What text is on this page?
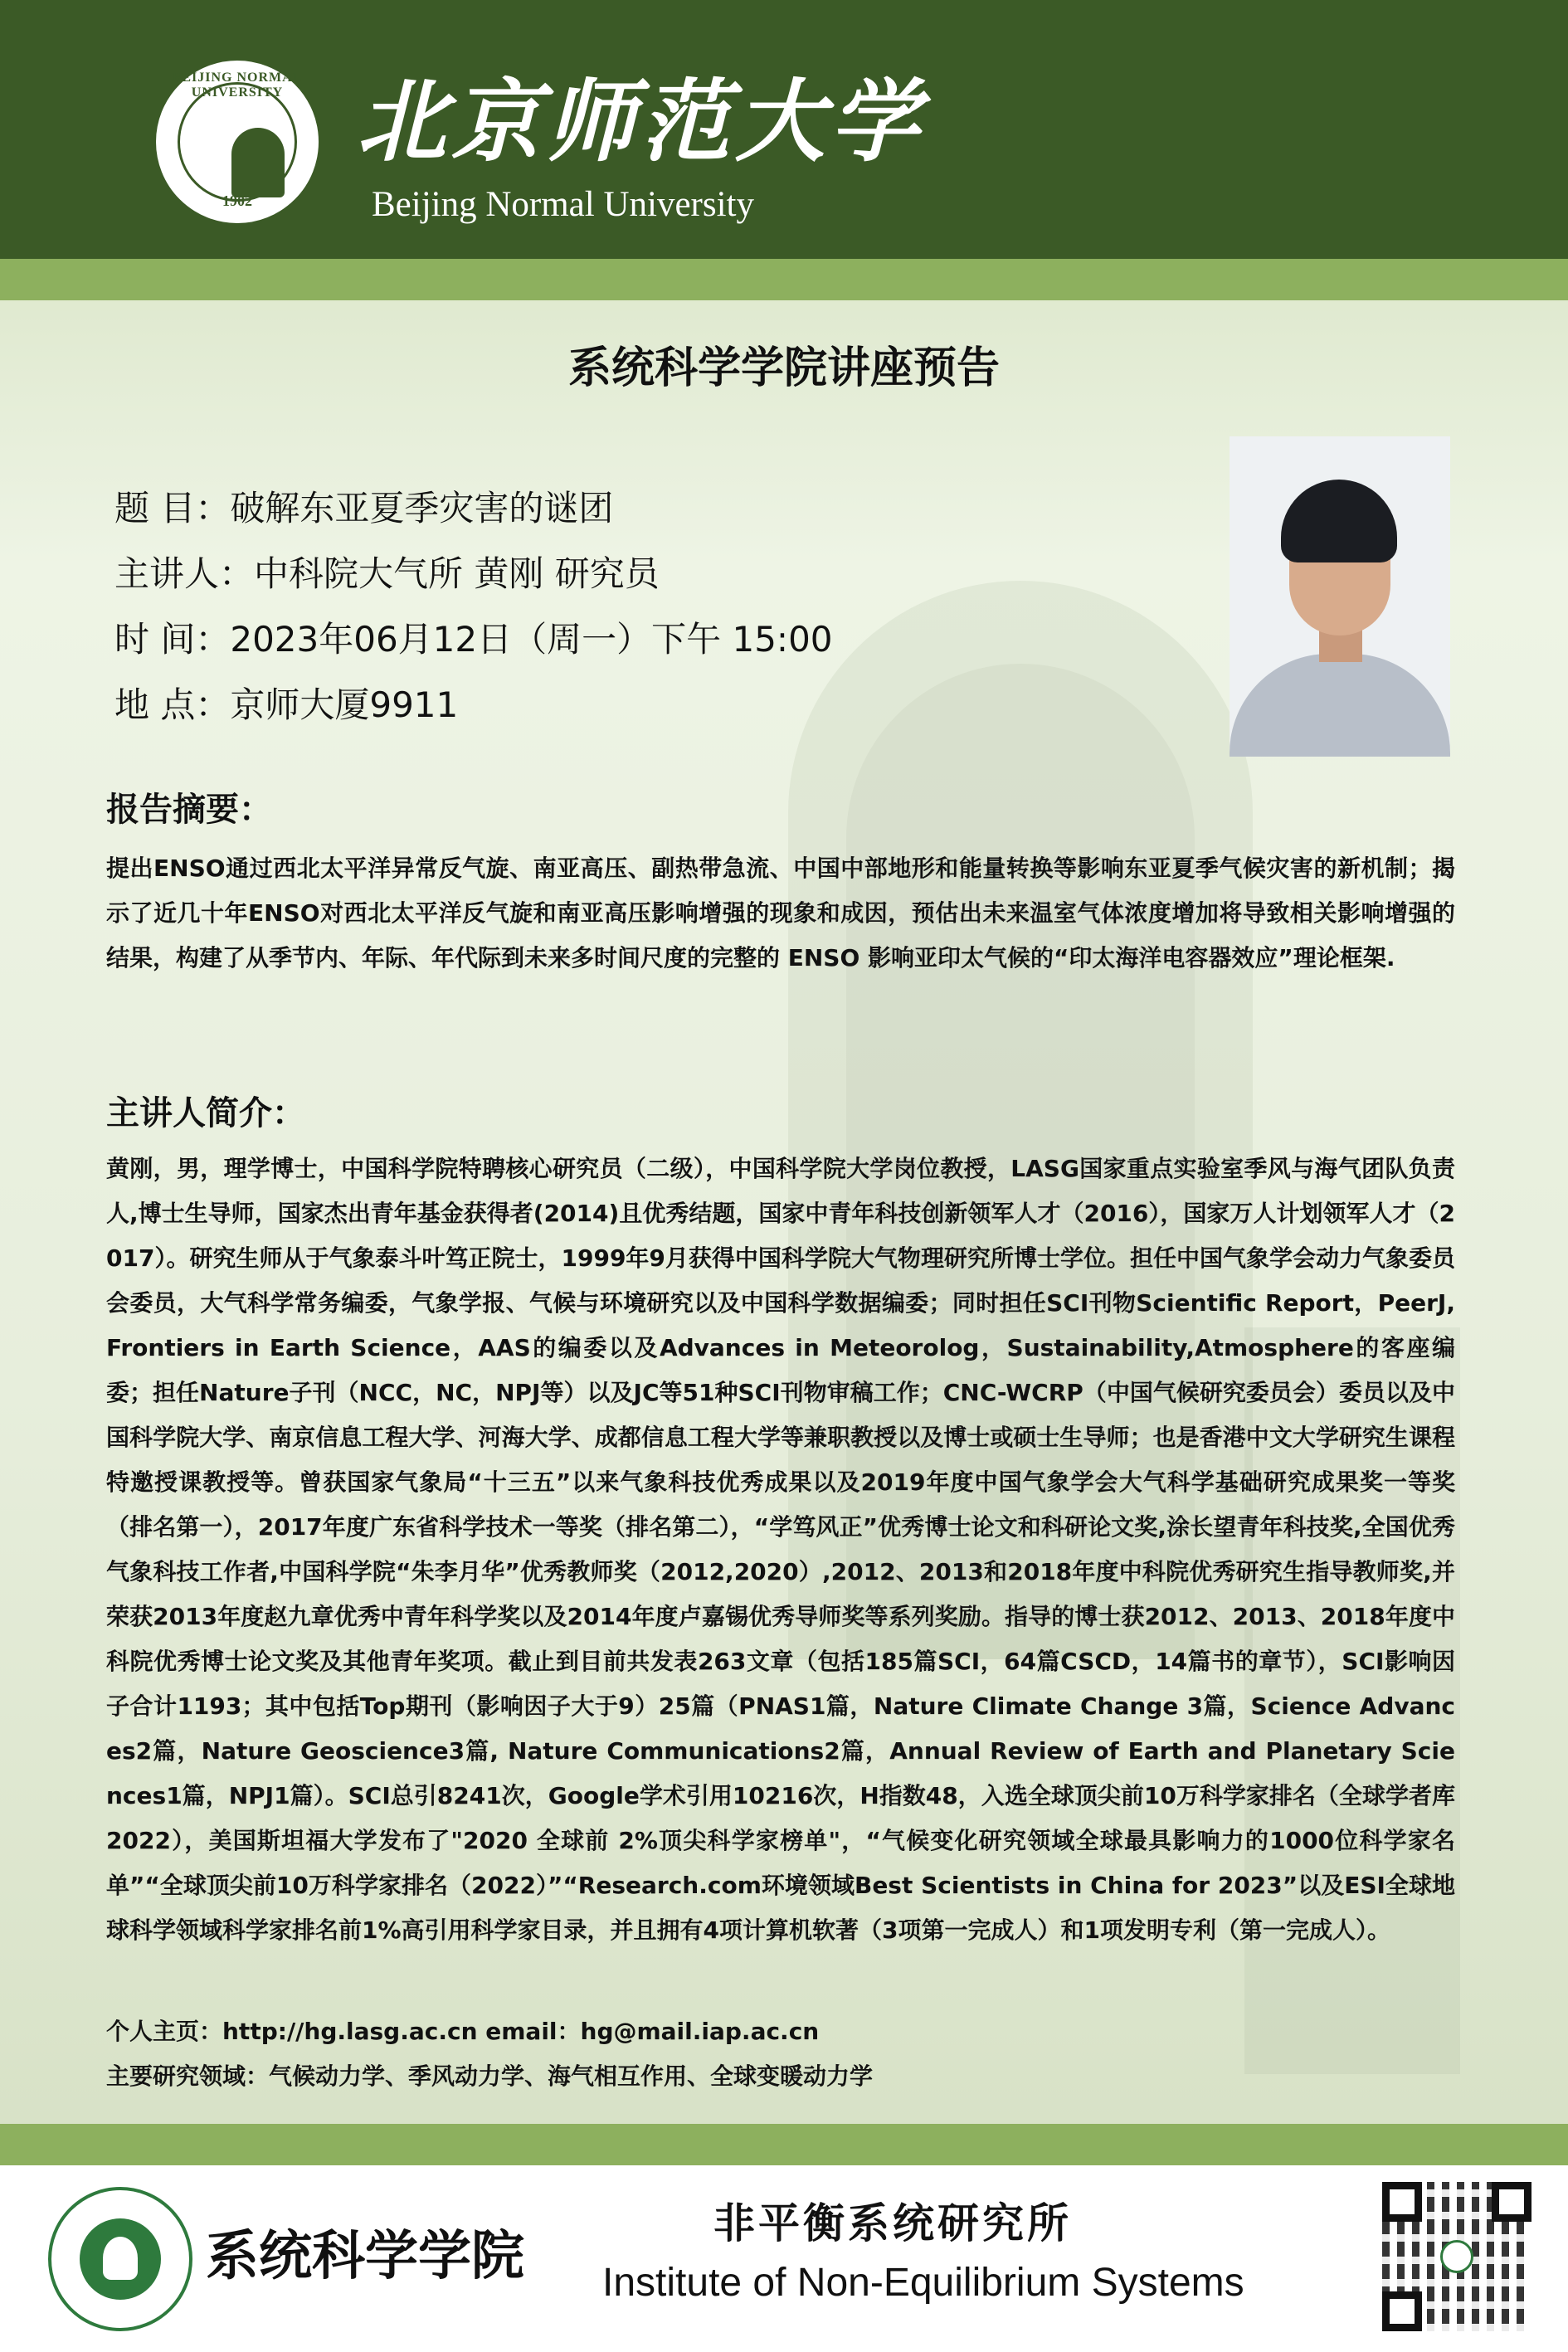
BEIJING NORMAL UNIVERSITY
1902
北京师范大学
Beijing Normal University
系统科学学院讲座预告
题 目：破解东亚夏季灾害的谜团
主讲人：中科院大气所 黄刚 研究员
时 间：2023年06月12日（周一）下午 15:00
地 点：京师大厦9911
报告摘要：
提出ENSO通过西北太平洋异常反气旋、南亚高压、副热带急流、中国中部地形和能量转换等影响东亚夏季气候灾害的新机制；揭示了近几十年ENSO对西北太平洋反气旋和南亚高压影响增强的现象和成因，预估出未来温室气体浓度增加将导致相关影响增强的结果，构建了从季节内、年际、年代际到未来多时间尺度的完整的 ENSO 影响亚印太气候的“印太海洋电容器效应”理论框架.
主讲人简介：
黄刚，男，理学博士，中国科学院特聘核心研究员（二级），中国科学院大学岗位教授，LASG国家重点实验室季风与海气团队负责人,博士生导师，国家杰出青年基金获得者(2014)且优秀结题，国家中青年科技创新领军人才（2016），国家万人计划领军人才（2017）。研究生师从于气象泰斗叶笃正院士，1999年9月获得中国科学院大气物理研究所博士学位。担任中国气象学会动力气象委员会委员，大气科学常务编委，气象学报、气候与环境研究以及中国科学数据编委；同时担任SCI刊物Scientific Report，PeerJ, Frontiers in Earth Science，AAS的编委以及Advances in Meteorolog，Sustainability,Atmosphere的客座编委；担任Nature子刊（NCC，NC，NPJ等）以及JC等51种SCI刊物审稿工作；CNC-WCRP（中国气候研究委员会）委员以及中国科学院大学、南京信息工程大学、河海大学、成都信息工程大学等兼职教授以及博士或硕士生导师；也是香港中文大学研究生课程特邀授课教授等。曾获国家气象局“十三五”以来气象科技优秀成果以及2019年度中国气象学会大气科学基础研究成果奖一等奖（排名第一），2017年度广东省科学技术一等奖（排名第二），“学笃风正”优秀博士论文和科研论文奖,涂长望青年科技奖,全国优秀气象科技工作者,中国科学院“朱李月华”优秀教师奖（2012,2020）,2012、2013和2018年度中科院优秀研究生指导教师奖,并荣获2013年度赵九章优秀中青年科学奖以及2014年度卢嘉锡优秀导师奖等系列奖励。指导的博士获2012、2013、2018年度中科院优秀博士论文奖及其他青年奖项。截止到目前共发表263文章（包括185篇SCI，64篇CSCD，14篇书的章节），SCI影响因子合计1193；其中包括Top期刊（影响因子大于9）25篇（PNAS1篇，Nature Climate Change 3篇，Science Advances2篇，Nature Geoscience3篇, Nature Communications2篇，Annual Review of Earth and Planetary Sciences1篇，NPJ1篇）。SCI总引8241次，Google学术引用10216次，H指数48，入选全球顶尖前10万科学家排名（全球学者库2022），美国斯坦福大学发布了"2020 全球前 2%顶尖科学家榜单"，“气候变化研究领域全球最具影响力的1000位科学家名单”“全球顶尖前10万科学家排名（2022）”“Research.com环境领域Best Scientists in China for 2023”以及ESI全球地球科学领域科学家排名前1%高引用科学家目录，并且拥有4项计算机软著（3项第一完成人）和1项发明专利（第一完成人）。
个人主页：http://hg.lasg.ac.cn email：hg@mail.iap.ac.cn
主要研究领域：气候动力学、季风动力学、海气相互作用、全球变暖动力学
系统科学学院
非平衡系统研究所
Institute of Non-Equilibrium Systems
